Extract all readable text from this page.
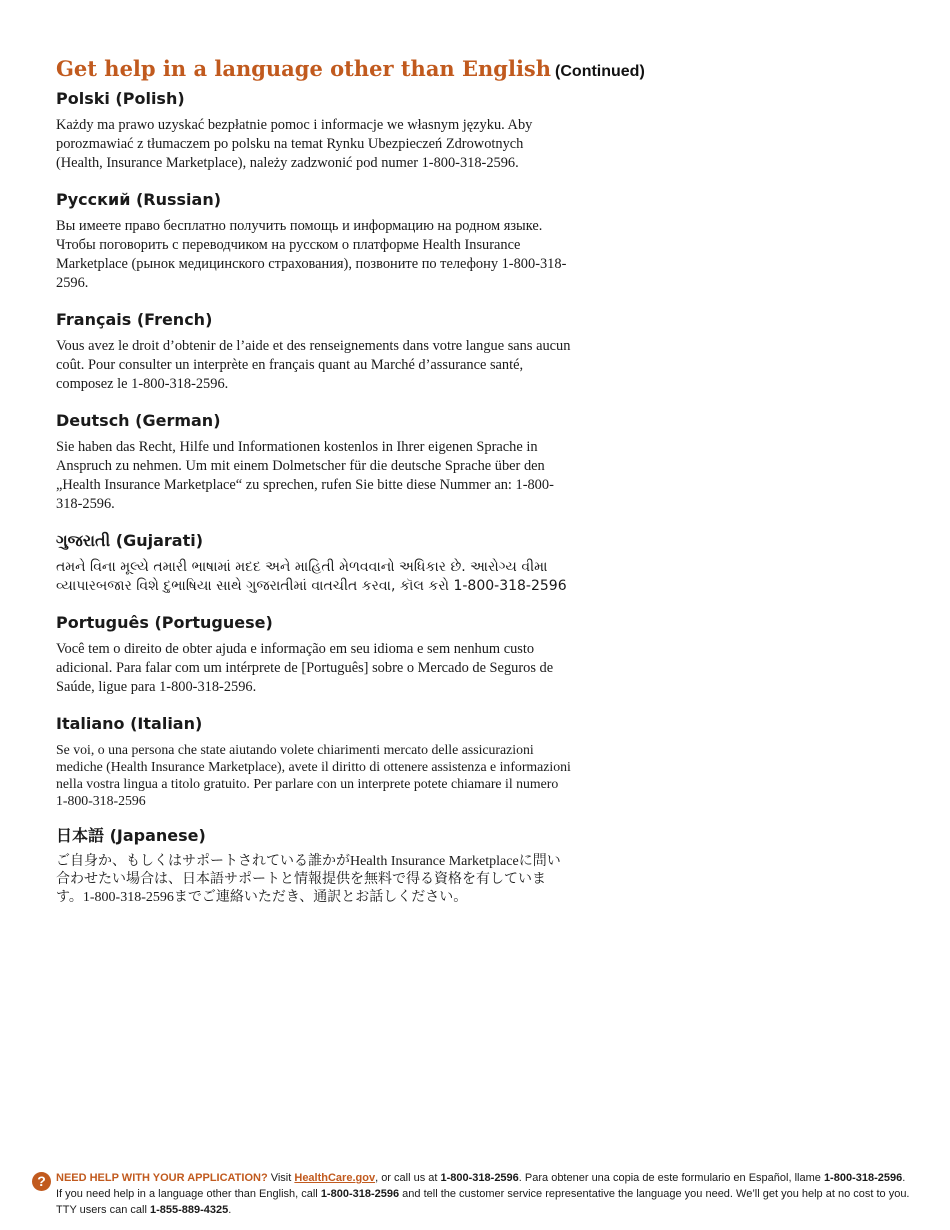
Get help in a language other than English (Continued)
Polski (Polish)

Każdy ma prawo uzyskać bezpłatnie pomoc i informacje we własnym języku. Aby porozmawiać z tłumaczem po polsku na temat Rynku Ubezpieczeń Zdrowotnych (Health, Insurance Marketplace), należy zadzwonić pod numer 1-800-318-2596.

Русский (Russian)

Вы имеете право бесплатно получить помощь и информацию на родном языке. Чтобы поговорить с переводчиком на русском о платформе Health Insurance Marketplace (рынок медицинского страхования), позвоните по телефону 1-800-318-2596.

Français (French)

Vous avez le droit d’obtenir de l’aide et des renseignements dans votre langue sans aucun coût. Pour consulter un interprète en français quant au Marché d’assurance santé, composez le 1-800-318-2596.

Deutsch (German)

Sie haben das Recht, Hilfe und Informationen kostenlos in Ihrer eigenen Sprache in Anspruch zu nehmen. Um mit einem Dolmetscher für die deutsche Sprache über den „Health Insurance Marketplace“ zu sprechen, rufen Sie bitte diese Nummer an: 1-800-318-2596.

ગુજરાતી (Gujarati)

તમને વિના મૂલ્યે તમારી ભાષામાં મદદ અને માહિતી મેળવવાનો અધિકાર છે. આરોગ્ય વીમા વ્યાપારબજાર વિશે દુભાષિયા સાથે ગુજરાતીમાં વાતચીત કરવા, કૉલ કરો 1-800-318-2596

Português (Portuguese)

Você tem o direito de obter ajuda e informação em seu idioma e sem nenhum custo adicional. Para falar com um intérprete de [Português] sobre o Mercado de Seguros de Saúde, ligue para 1-800-318-2596.

Italiano (Italian)

Se voi, o una persona che state aiutando volete chiarimenti mercato delle assicurazioni mediche (Health Insurance Marketplace), avete il diritto di ottenere assistenza e informazioni nella vostra lingua a titolo gratuito. Per parlare con un interprete potete chiamare il numero 1-800-318-2596

日本語 (Japanese)

ご自身か、もしくはサポートされている誰かがHealth Insurance Marketplaceに問い合わせたい場合は、日本語サポートと情報提供を無料で得る資格を有しています。1-800-318-2596までご連絡いただき、通訳とお話しください。

? NEED HELP WITH YOUR APPLICATION? Visit HealthCare.gov, or call us at 1-800-318-2596. Para obtener una copia de este formulario en Español, llame 1-800-318-2596. If you need help in a language other than English, call 1-800-318-2596 and tell the customer service representative the language you need. We’ll get you help at no cost to you. TTY users can call 1-855-889-4325.
